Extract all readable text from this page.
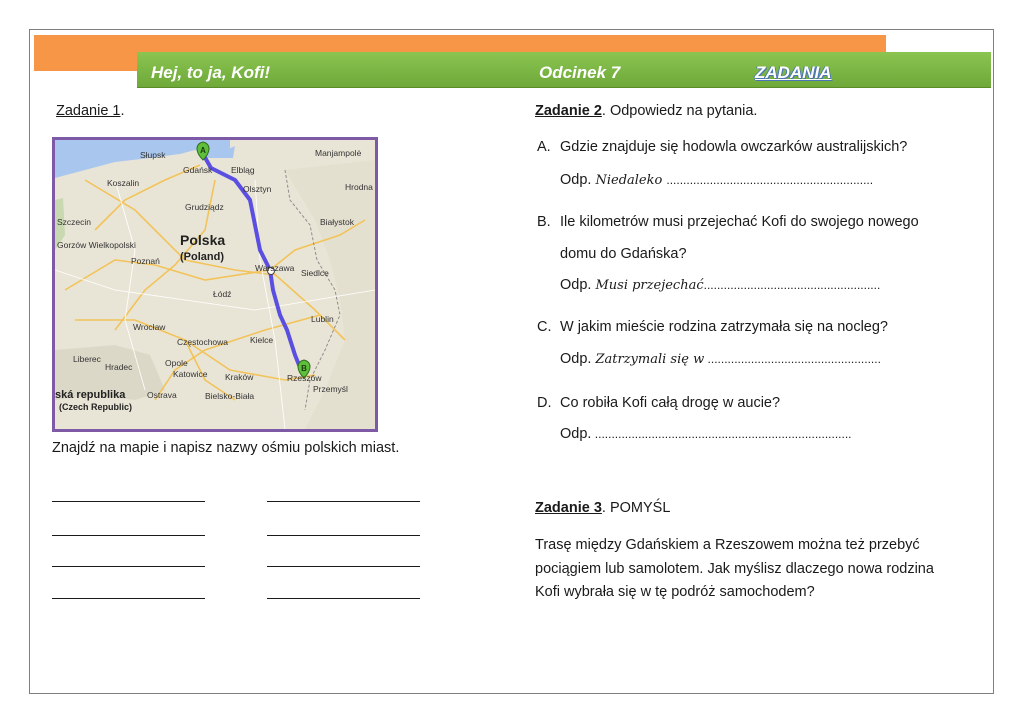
Hej, to ja, Kofi!	Odcinek 7	ZADANIA
Zadanie 1.
A
B
Słupsk
Gdańsk Elbląg
Olsztyn
Koszalin
Manjampolė
Hrodna
Szczecin
Grudziądz
Białystok
Gorzów Wielkopolski	Polska
(Poland)
Poznań
Warszawa Siedlce
Łódź
Lublin
Wrocław
Częstochowa	Kielce
Opole
Katowice Kraków	Rzeszów
Przemyśl
ská republika
(Czech Republic)
Bielsko-Biała
Ostrava
Liberec
Hradec
Znajdź na mapie i napisz nazwy ośmiu polskich miast.
Zadanie 2. Odpowiedz na pytania.
A. Gdzie znajduje się hodowla owczarków australijskich?
Odp. Niedaleko ..............................................................
B. Ile kilometrów musi przejechać Kofi do swojego nowego
domu do Gdańska?
Odp. Musi przejechać.....................................................
C. W jakim mieście rodzina zatrzymała się na nocleg?
Odp. Zatrzymali się w ....................................................
D. Co robiła Kofi całą drogę w aucie?
Odp. .............................................................................
Zadanie 3. POMYŚL
Trasę między Gdańskiem a Rzeszowem można też przebyć
pociągiem lub samolotem. Jak myślisz dlaczego nowa rodzina
Kofi wybrała się w tę podróż samochodem?
